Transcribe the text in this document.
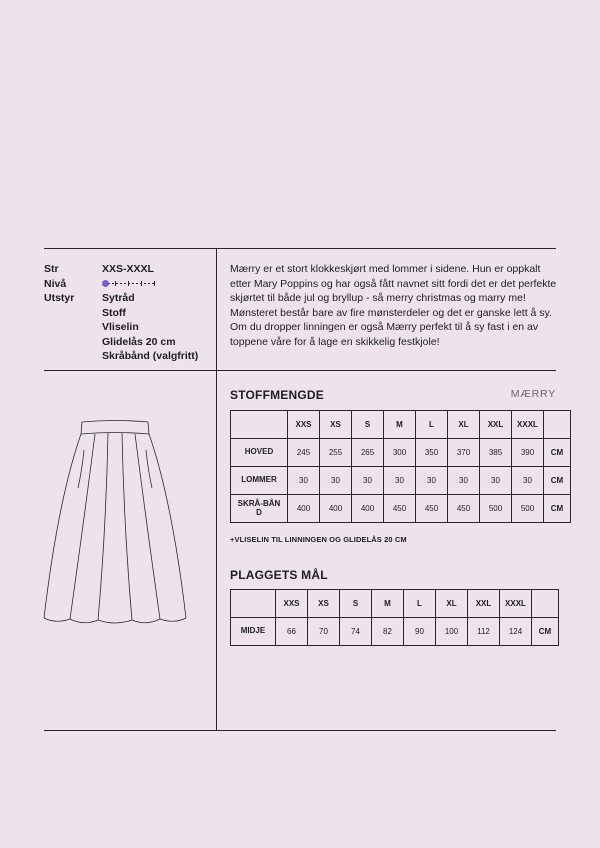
Str	XXS-XXXL
Nivå
Utstyr	Sytråd
Stoff
Vliselin
Glidelås 20 cm
Skråbånd (valgfritt)
Mærry er et stort klokkeskjørt med lommer i sidene. Hun er oppkalt etter Mary Poppins og har også fått navnet sitt fordi det er det perfekte skjørtet til både jul og bryllup - så merry christmas og marry me! Mønsteret består bare av fire mønsterdeler og det er ganske lett å sy. Om du dropper linningen er også Mærry perfekt til å sy fast i en av toppene våre for å lage en skikkelig festkjole!
STOFFMENGDE	MÆRRY
	XXS	XS	S	M	L	XL	XXL	XXXL	
HOVED	245	255	265	300	350	370	385	390	CM
LOMMER	30	30	30	30	30	30	30	30	CM
SKRÅ-BÅND	400	400	400	450	450	450	500	500	CM
+VLISELIN TIL LINNINGEN OG GLIDELÅS 20 CM
PLAGGETS MÅL
	XXS	XS	S	M	L	XL	XXL	XXXL	
MIDJE	66	70	74	82	90	100	112	124	CM
